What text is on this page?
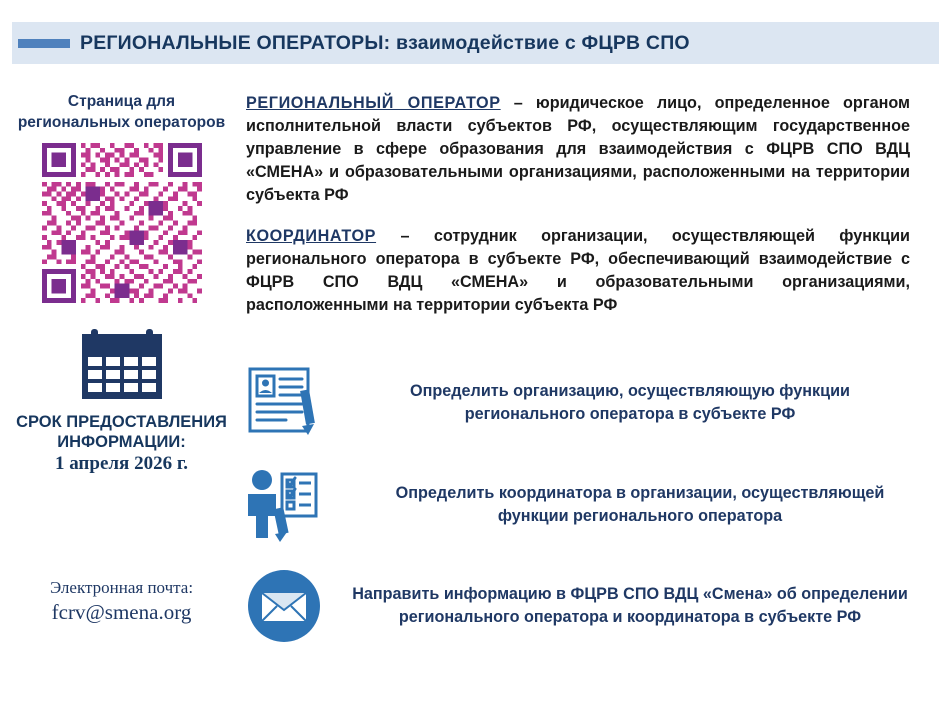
РЕГИОНАЛЬНЫЕ ОПЕРАТОРЫ: взаимодействие с ФЦРВ СПО
Страница для региональных операторов
СРОК ПРЕДОСТАВЛЕНИЯ ИНФОРМАЦИИ:
1 апреля 2026 г.
Электронная почта:
fcrv@smena.org

РЕГИОНАЛЬНЫЙ ОПЕРАТОР – юридическое лицо, определенное органом исполнительной власти субъектов РФ, осуществляющим государственное управление в сфере образования для взаимодействия с ФЦРВ СПО ВДЦ «СМЕНА» и образовательными организациями, расположенными на территории субъекта РФ

КООРДИНАТОР – сотрудник организации, осуществляющей функции регионального оператора в субъекте РФ, обеспечивающий взаимодействие с ФЦРВ СПО ВДЦ «СМЕНА» и образовательными организациями, расположенными на территории субъекта РФ

Определить организацию, осуществляющую функции регионального оператора в субъекте РФ
Определить координатора в организации, осуществляющей функции регионального оператора
Направить информацию в ФЦРВ СПО ВДЦ «Смена» об определении регионального оператора и координатора в субъекте РФ
